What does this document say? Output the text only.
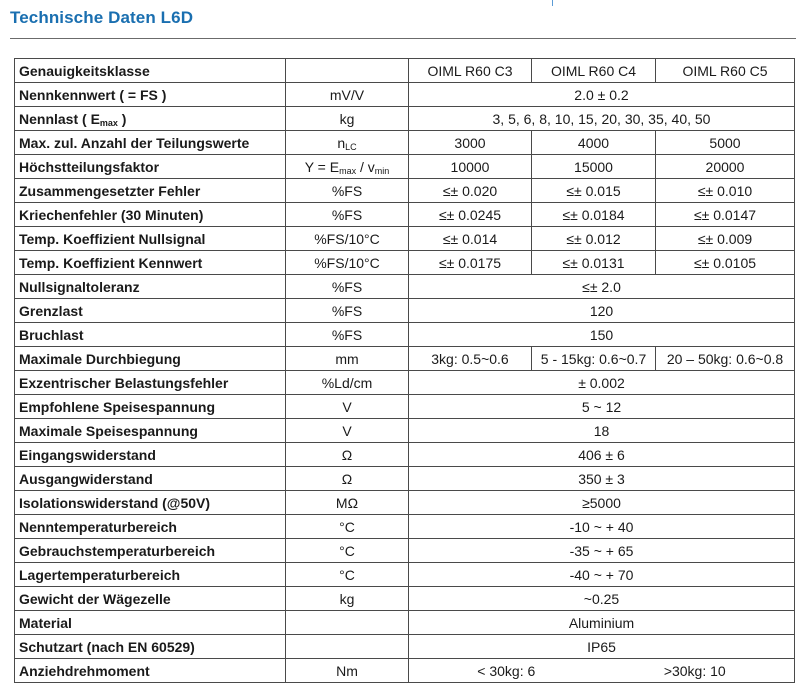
Technische Daten L6D
Genauigkeitsklasse		OIML R60 C3	OIML R60 C4	OIML R60 C5
Nennkennwert ( = FS )	mV/V	2.0 ± 0.2		
Nennlast ( $E_{max}$ )	kg	3, 5, 6, 8, 10, 15, 20, 30, 35, 40, 50		
Max. zul. Anzahl der Teilungswerte	$n_{LC}$	3000	4000	5000
Höchstteilungsfaktor	$Y = E_{max} / v_{min}$	10000	15000	20000
Zusammengesetzter Fehler	%FS	≤± 0.020	≤± 0.015	≤± 0.010
Kriechenfehler (30 Minuten)	%FS	≤± 0.0245	≤± 0.0184	≤± 0.0147
Temp. Koeffizient Nullsignal	%FS/10°C	≤± 0.014	≤± 0.012	≤± 0.009
Temp. Koeffizient Kennwert	%FS/10°C	≤± 0.0175	≤± 0.0131	≤± 0.0105
Nullsignaltoleranz	%FS	≤± 2.0		
Grenzlast	%FS	120		
Bruchlast	%FS	150		
Maximale Durchbiegung	mm	3kg: 0.5~0.6	5 - 15kg: 0.6~0.7	20 – 50kg: 0.6~0.8
Exzentrischer Belastungsfehler	%Ld/cm	± 0.002		
Empfohlene Speisespannung	V	5 ~ 12		
Maximale Speisespannung	V	18		
Eingangswiderstand	Ω	406 ± 6		
Ausgangwiderstand	Ω	350 ± 3		
Isolationswiderstand (@50V)	MΩ	≥5000		
Nenntemperaturbereich	°C	-10 ~ + 40		
Gebrauchstemperaturbereich	°C	-35 ~ + 65		
Lagertemperaturbereich	°C	-40 ~ + 70		
Gewicht der Wägezelle	kg	~0.25		
Material		Aluminium		
Schutzart (nach EN 60529)		IP65		
Anziehdrehmoment	Nm	< 30kg: 6 >30kg: 10		
